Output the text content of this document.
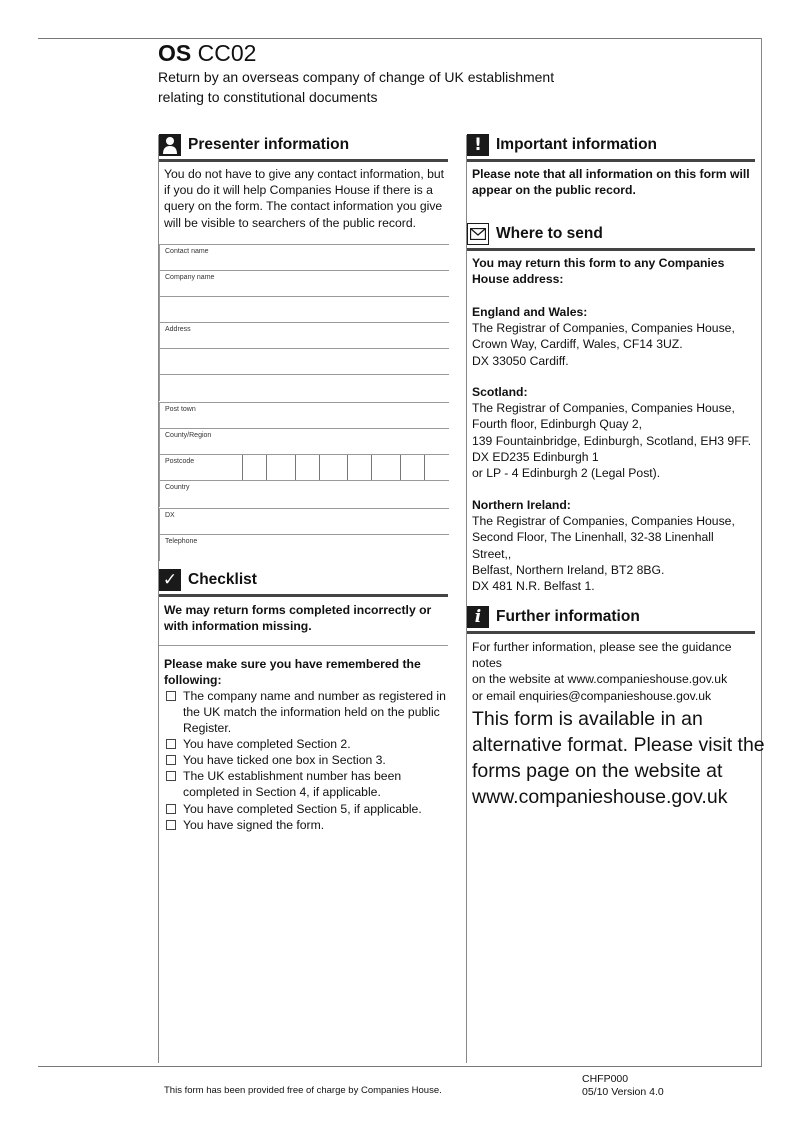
OS CC02
Return by an overseas company of change of UK establishment
relating to constitutional documents
Presenter information
You do not have to give any contact information, but if you do it will help Companies House if there is a query on the form. The contact information you give will be visible to searchers of the public record.
Contact name
Company name
Address
Post town
County/Region
Postcode
Country
DX
Telephone
✓ Checklist
We may return forms completed incorrectly or with information missing.
Please make sure you have remembered the following:
The company name and number as registered in the UK match the information held on the public Register.
You have completed Section 2.
You have ticked one box in Section 3.
The UK establishment number has been completed in Section 4, if applicable.
You have completed Section 5, if applicable.
You have signed the form.
! Important information
Please note that all information on this form will appear on the public record.
Where to send
You may return this form to any Companies House address:
England and Wales:
The Registrar of Companies, Companies House,
Crown Way, Cardiff, Wales, CF14 3UZ.
DX 33050 Cardiff.
Scotland:
The Registrar of Companies, Companies House,
Fourth floor, Edinburgh Quay 2,
139 Fountainbridge, Edinburgh, Scotland, EH3 9FF.
DX ED235 Edinburgh 1
or LP - 4 Edinburgh 2 (Legal Post).
Northern Ireland:
The Registrar of Companies, Companies House,
Second Floor, The Linenhall, 32-38 Linenhall Street,,
Belfast, Northern Ireland, BT2 8BG.
DX 481 N.R. Belfast 1.
i Further information
For further information, please see the guidance notes
on the website at www.companieshouse.gov.uk
or email enquiries@companieshouse.gov.uk
This form is available in an alternative format. Please visit the forms page on the website at www.companieshouse.gov.uk
This form has been provided free of charge by Companies House.
CHFP000
05/10 Version 4.0
